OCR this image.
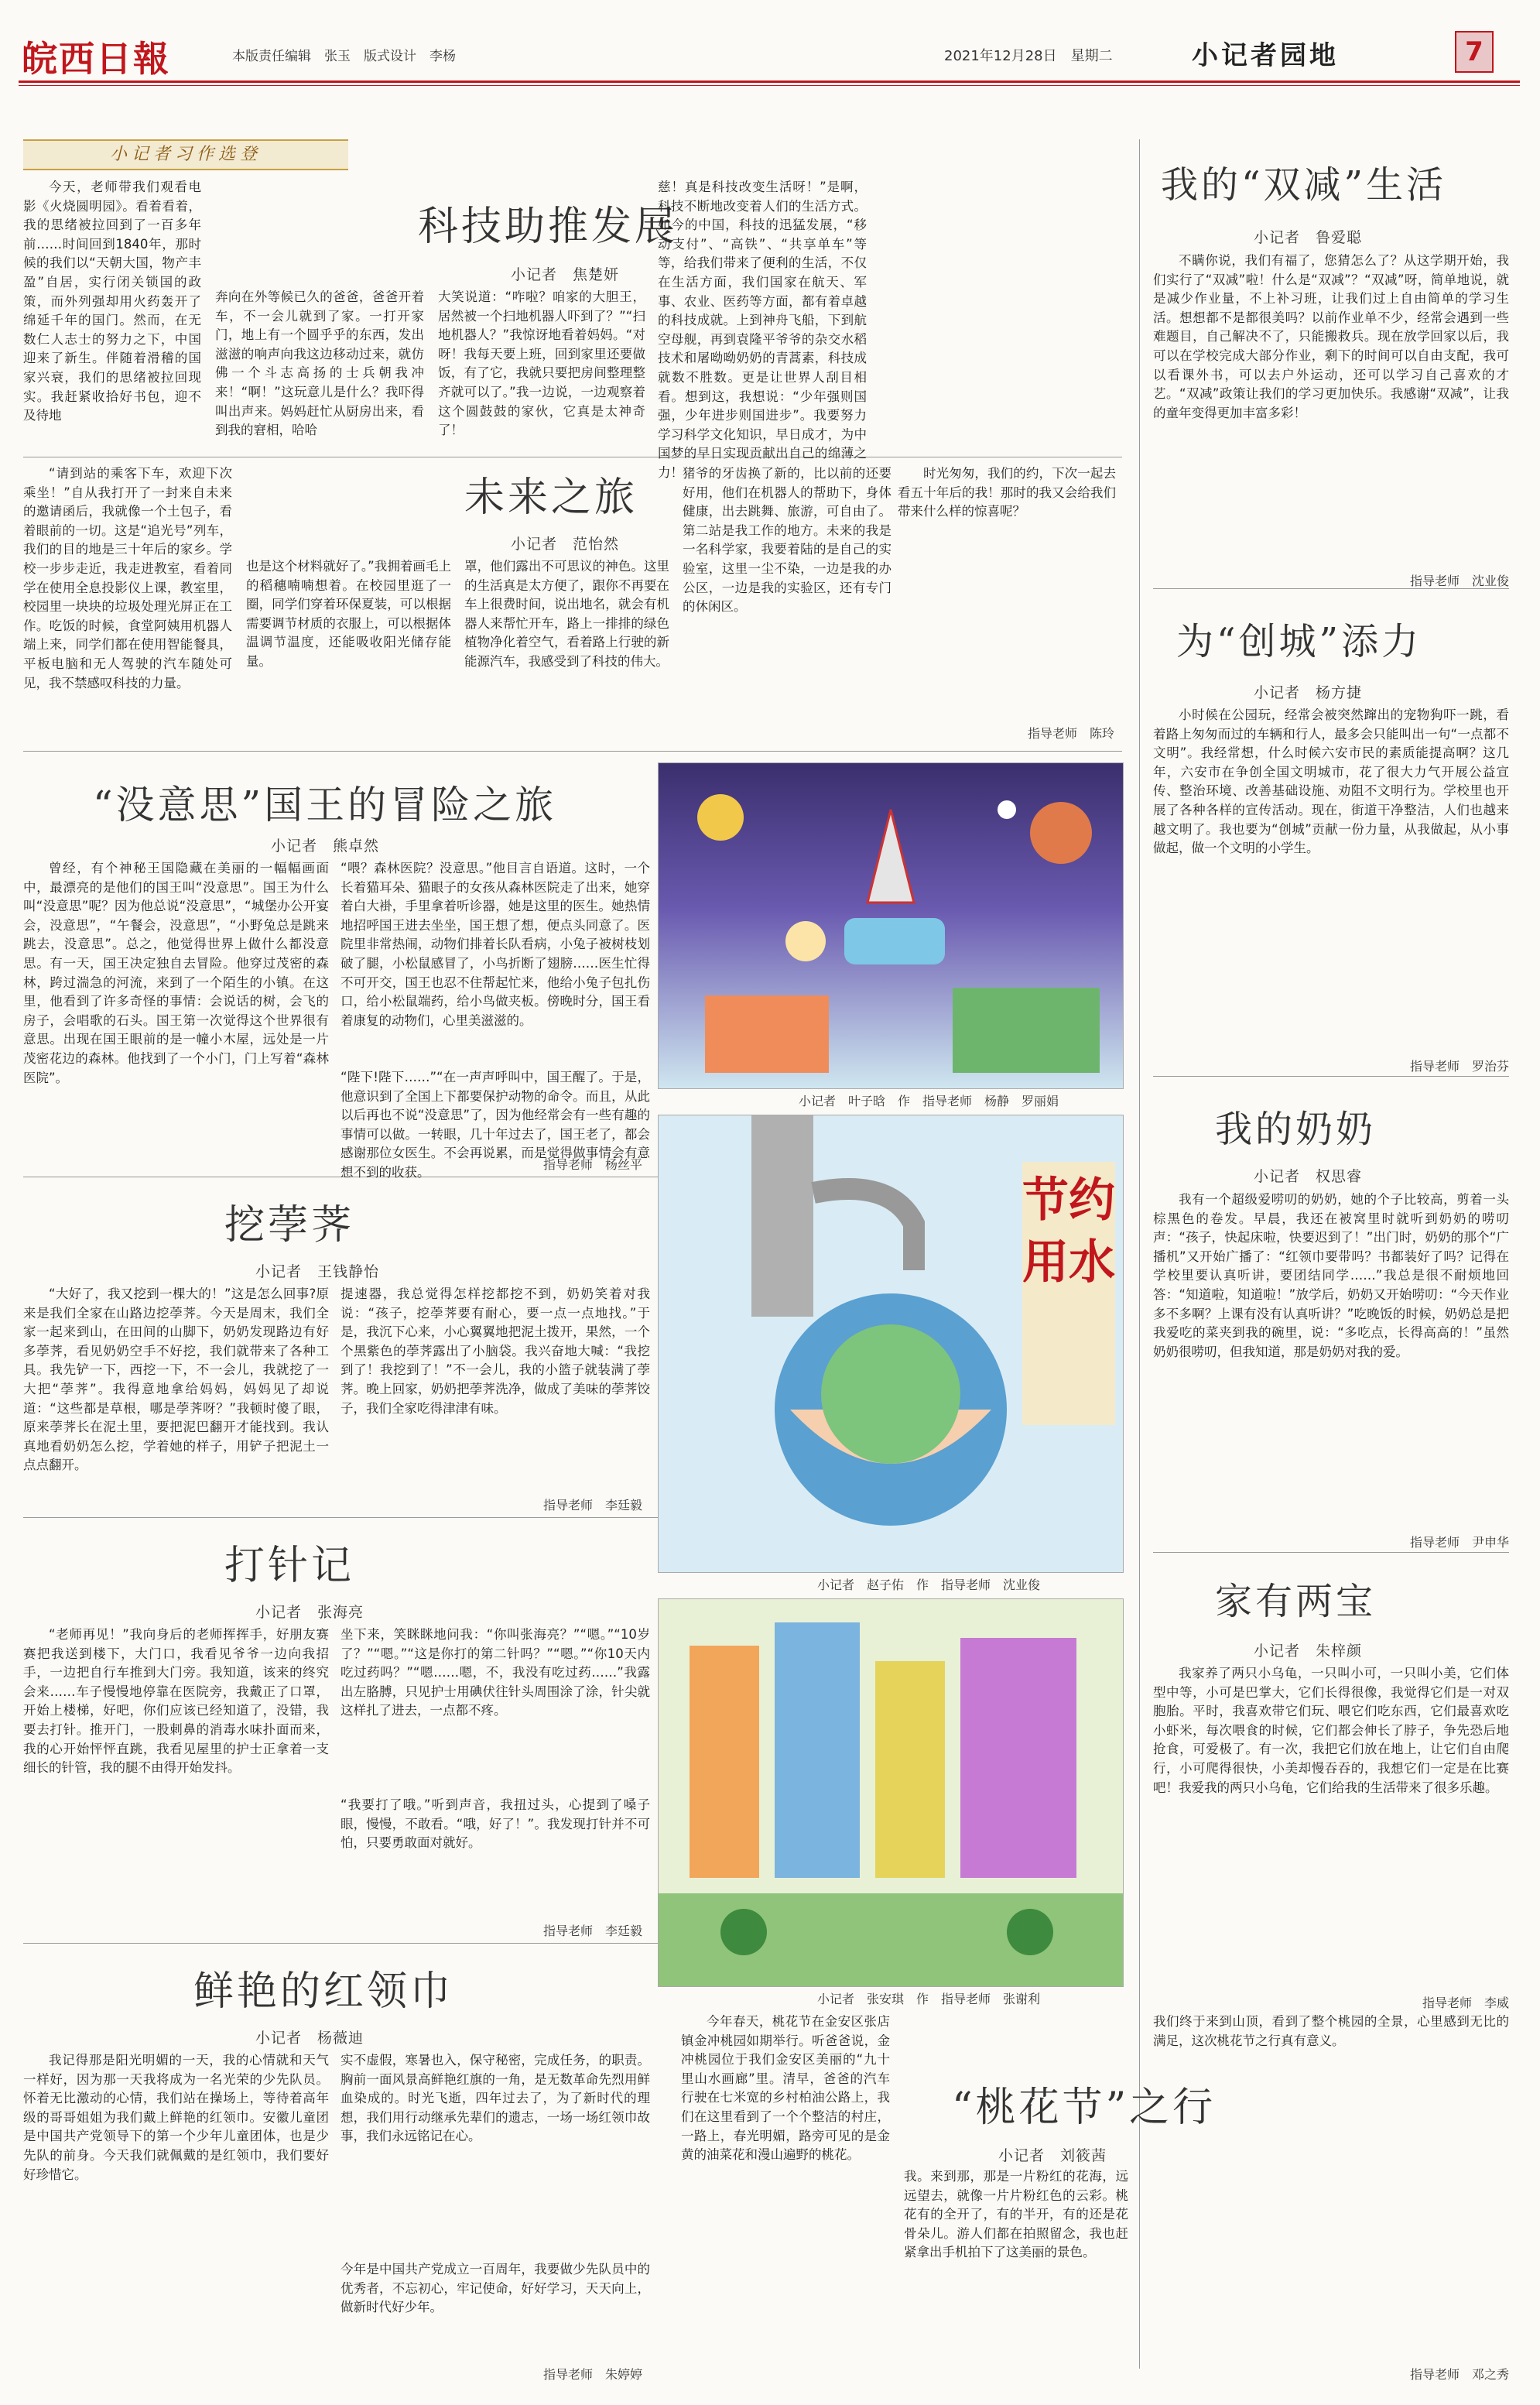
皖西日報	本版责任编辑　张玉　版式设计　李杨	2021年12月28日　星期二	小记者园地	7
小记者习作选登
今天，老师带我们观看电影《火烧圆明园》。看着看着，我的思绪被拉回到了一百多年前……时间回到1840年，那时候的我们以“天朝大国，物产丰盈”自居，实行闭关锁国的政策，而外列强却用火药轰开了绵延千年的国门。然而，在无数仁人志士的努力之下，中国迎来了新生。伴随着滑稽的国家兴衰，我们的思绪被拉回现实。我赶紧收拾好书包，迎不及待地
科技助推发展
小记者　焦楚妍
奔向在外等候已久的爸爸，爸爸开着车，不一会儿就到了家。一打开家门，地上有一个圆乎乎的东西，发出滋滋的响声向我这边移动过来，就仿佛一个斗志高扬的士兵朝我冲来！“啊！”这玩意儿是什么？我吓得叫出声来。妈妈赶忙从厨房出来，看到我的窘相，哈哈
大笑说道：“咋啦？咱家的大胆王，居然被一个扫地机器人吓到了？”“扫地机器人？”我惊讶地看着妈妈。“对呀！我每天要上班，回到家里还要做饭，有了它，我就只要把房间整理整齐就可以了。”我一边说，一边观察着这个圆鼓鼓的家伙，它真是太神奇了！
慈！真是科技改变生活呀！”是啊，科技不断地改变着人们的生活方式。如今的中国，科技的迅猛发展，“移动支付”、“高铁”、“共享单车”等等，给我们带来了便利的生活，不仅在生活方面，我们国家在航天、军事、农业、医药等方面，都有着卓越的科技成就。上到神舟飞船，下到航空母舰，再到袁隆平爷爷的杂交水稻技术和屠呦呦奶奶的青蒿素，科技成就数不胜数。更是让世界人刮目相看。想到这，我想说：“少年强则国强，少年进步则国进步”。我要努力学习科学文化知识，早日成才，为中国梦的早日实现贡献出自己的绵薄之力！
“请到站的乘客下车，欢迎下次乘坐！”自从我打开了一封来自未来的邀请函后，我就像一个土包子，看着眼前的一切。这是“追光号”列车，我们的目的地是三十年后的家乡。学校一步步走近，我走进教室，看着同学在使用全息投影仪上课，教室里，校园里一块块的垃圾处理光屏正在工作。吃饭的时候，食堂阿姨用机器人端上来，同学们都在使用智能餐具，平板电脑和无人驾驶的汽车随处可见，我不禁感叹科技的力量。
未来之旅
小记者　范怡然
也是这个材料就好了。”我拥着画毛上的稻穗喃喃想着。在校园里逛了一圈，同学们穿着环保夏装，可以根据需要调节材质的衣服上，可以根据体温调节温度，还能吸收阳光储存能量。
罩，他们露出不可思议的神色。这里的生活真是太方便了，跟你不再要在车上很费时间，说出地名，就会有机器人来帮忙开车，路上一排排的绿色植物净化着空气，看着路上行驶的新能源汽车，我感受到了科技的伟大。
猪爷的牙齿换了新的，比以前的还要好用，他们在机器人的帮助下，身体健康，出去跳舞、旅游，可自由了。第二站是我工作的地方。未来的我是一名科学家，我要着陆的是自己的实验室，这里一尘不染，一边是我的办公区，一边是我的实验区，还有专门的休闲区。
时光匆匆，我们的约，下次一起去看五十年后的我！那时的我又会给我们带来什么样的惊喜呢？
指导老师　陈玲
“没意思”国王的冒险之旅
小记者　熊卓然
曾经，有个神秘王国隐藏在美丽的一幅幅画面中，最漂亮的是他们的国王叫“没意思”。国王为什么叫“没意思”呢？因为他总说“没意思”，“城堡办公开宴会，没意思”，“午餐会，没意思”，“小野兔总是跳来跳去，没意思”。总之，他觉得世界上做什么都没意思。有一天，国王决定独自去冒险。他穿过茂密的森林，跨过湍急的河流，来到了一个陌生的小镇。在这里，他看到了许多奇怪的事情：会说话的树，会飞的房子，会唱歌的石头。国王第一次觉得这个世界很有意思。出现在国王眼前的是一幢小木屋，远处是一片茂密花边的森林。他找到了一个小门，门上写着“森林医院”。
“喂？森林医院？没意思。”他目言自语道。这时，一个长着猫耳朵、猫眼子的女孩从森林医院走了出来，她穿着白大褂，手里拿着听诊器，她是这里的医生。她热情地招呼国王进去坐坐，国王想了想，便点头同意了。医院里非常热闹，动物们排着长队看病，小兔子被树枝划破了腿，小松鼠感冒了，小鸟折断了翅膀……医生忙得不可开交，国王也忍不住帮起忙来，他给小兔子包扎伤口，给小松鼠端药，给小鸟做夹板。傍晚时分，国王看着康复的动物们，心里美滋滋的。
“陛下!陛下……”“在一声声呼叫中，国王醒了。于是，他意识到了全国上下都要保护动物的命令。而且，从此以后再也不说“没意思”了，因为他经常会有一些有趣的事情可以做。一转眼，几十年过去了，国王老了，都会感谢那位女医生。不会再说累，而是觉得做事情会有意想不到的收获。
指导老师　杨丝平
挖荸荠
小记者　王钱静怡
“大好了，我又挖到一棵大的！”这是怎么回事?原来是我们全家在山路边挖荸荠。今天是周末，我们全家一起来到山，在田间的山脚下，奶奶发现路边有好多荸荠，看见奶奶空手不好挖，我们就带来了各种工具。我先铲一下，西挖一下，不一会儿，我就挖了一大把“荸荠”。我得意地拿给妈妈，妈妈见了却说道：“这些都是草根，哪是荸荠呀？”我顿时傻了眼，原来荸荠长在泥土里，要把泥巴翻开才能找到。我认真地看奶奶怎么挖，学着她的样子，用铲子把泥土一点点翻开。
提速器，我总觉得怎样挖都挖不到，奶奶笑着对我说：“孩子，挖荸荠要有耐心，要一点一点地找。”于是，我沉下心来，小心翼翼地把泥土拨开，果然，一个个黑紫色的荸荠露出了小脑袋。我兴奋地大喊：“我挖到了！我挖到了！”不一会儿，我的小篮子就装满了荸荠。晚上回家，奶奶把荸荠洗净，做成了美味的荸荠饺子，我们全家吃得津津有味。
指导老师　李廷毅
打针记
小记者　张海亮
“老师再见！”我向身后的老师挥挥手，好朋友赛赛把我送到楼下，大门口，我看见爷爷一边向我招手，一边把自行车推到大门旁。我知道，该来的终究会来……车子慢慢地停靠在医院旁，我戴正了口罩，开始上楼梯，好吧，你们应该已经知道了，没错，我要去打针。推开门，一股刺鼻的消毒水味扑面而来，我的心开始怦怦直跳，我看见屋里的护士正拿着一支细长的针管，我的腿不由得开始发抖。
坐下来，笑眯眯地问我：“你叫张海亮？”“嗯。”“10岁了？”“嗯。”“这是你打的第二针吗？”“嗯。”“你10天内吃过药吗？”“嗯……嗯，不，我没有吃过药……”我露出左胳膊，只见护士用碘伏往针头周围涂了涂，针尖就这样扎了进去，一点都不疼。
“我要打了哦。”听到声音，我扭过头，心提到了嗓子眼，慢慢，不敢看。“哦，好了！”。我发现打针并不可怕，只要勇敢面对就好。
指导老师　李廷毅
鲜艳的红领巾
小记者　杨薇迪
我记得那是阳光明媚的一天，我的心情就和天气一样好，因为那一天我将成为一名光荣的少先队员。怀着无比激动的心情，我们站在操场上，等待着高年级的哥哥姐姐为我们戴上鲜艳的红领巾。安徽儿童团是中国共产党领导下的第一个少年儿童团体，也是少先队的前身。今天我们就佩戴的是红领巾，我们要好好珍惜它。
实不虚假，寒暑也入，保守秘密，完成任务，的职责。胸前一面风景高鲜艳红旗的一角，是无数革命先烈用鲜血染成的。时光飞逝，四年过去了，为了新时代的理想，我们用行动继承先辈们的遗志，一场一场红领巾故事，我们永远铭记在心。
今年是中国共产党成立一百周年，我要做少先队员中的优秀者，不忘初心，牢记使命，好好学习，天天向上，做新时代好少年。
指导老师　朱婷婷
小记者　叶子晗　作　指导老师　杨静　罗丽娟
节约用水
小记者　赵子佑　作　指导老师　沈业俊
小记者　张安琪　作　指导老师　张谢利
今年春天，桃花节在金安区张店镇金冲桃园如期举行。听爸爸说，金冲桃园位于我们金安区美丽的“九十里山水画廊”里。清早，爸爸的汽车行驶在七米宽的乡村柏油公路上，我们在这里看到了一个个整洁的村庄，一路上，春光明媚，路旁可见的是金黄的油菜花和漫山遍野的桃花。
“桃花节”之行
小记者　刘筱茜
我。来到那，那是一片粉红的花海，远远望去，就像一片片粉红色的云彩。桃花有的全开了，有的半开，有的还是花骨朵儿。游人们都在拍照留念，我也赶紧拿出手机拍下了这美丽的景色。
我们终于来到山顶，看到了整个桃园的全景，心里感到无比的满足，这次桃花节之行真有意义。
指导老师　邓之秀
我的“双减”生活
小记者　鲁爱聪
不瞒你说，我们有福了，您猜怎么了？从这学期开始，我们实行了“双减”啦！什么是“双减”？“双减”呀，简单地说，就是减少作业量，不上补习班，让我们过上自由简单的学习生活。想想都不是都很美吗？以前作业单不少，经常会遇到一些难题目，自己解决不了，只能搬救兵。现在放学回家以后，我可以在学校完成大部分作业，剩下的时间可以自由支配，我可以看课外书，可以去户外运动，还可以学习自己喜欢的才艺。“双减”政策让我们的学习更加快乐。我感谢“双减”，让我的童年变得更加丰富多彩！
指导老师　沈业俊
为“创城”添力
小记者　杨方捷
小时候在公园玩，经常会被突然蹿出的宠物狗吓一跳，看着路上匆匆而过的车辆和行人，最多会只能叫出一句“一点都不文明”。我经常想，什么时候六安市民的素质能提高啊？这几年，六安市在争创全国文明城市，花了很大力气开展公益宣传、整治环境、改善基础设施、劝阻不文明行为。学校里也开展了各种各样的宣传活动。现在，街道干净整洁，人们也越来越文明了。我也要为“创城”贡献一份力量，从我做起，从小事做起，做一个文明的小学生。
指导老师　罗治芬
我的奶奶
小记者　权思睿
我有一个超级爱唠叨的奶奶，她的个子比较高，剪着一头棕黑色的卷发。早晨，我还在被窝里时就听到奶奶的唠叨声：“孩子，快起床啦，快要迟到了！”出门时，奶奶的那个“广播机”又开始广播了：“红领巾要带吗？书都装好了吗？记得在学校里要认真听讲，要团结同学……”我总是很不耐烦地回答：“知道啦，知道啦！”放学后，奶奶又开始唠叨：“今天作业多不多啊？上课有没有认真听讲？”吃晚饭的时候，奶奶总是把我爱吃的菜夹到我的碗里，说：“多吃点，长得高高的！”虽然奶奶很唠叨，但我知道，那是奶奶对我的爱。
指导老师　尹申华
家有两宝
小记者　朱梓颜
我家养了两只小乌龟，一只叫小可，一只叫小美，它们体型中等，小可是巴掌大，它们长得很像，我觉得它们是一对双胞胎。平时，我喜欢带它们玩、喂它们吃东西，它们最喜欢吃小虾米，每次喂食的时候，它们都会伸长了脖子，争先恐后地抢食，可爱极了。有一次，我把它们放在地上，让它们自由爬行，小可爬得很快，小美却慢吞吞的，我想它们一定是在比赛吧！我爱我的两只小乌龟，它们给我的生活带来了很多乐趣。
指导老师　李威
